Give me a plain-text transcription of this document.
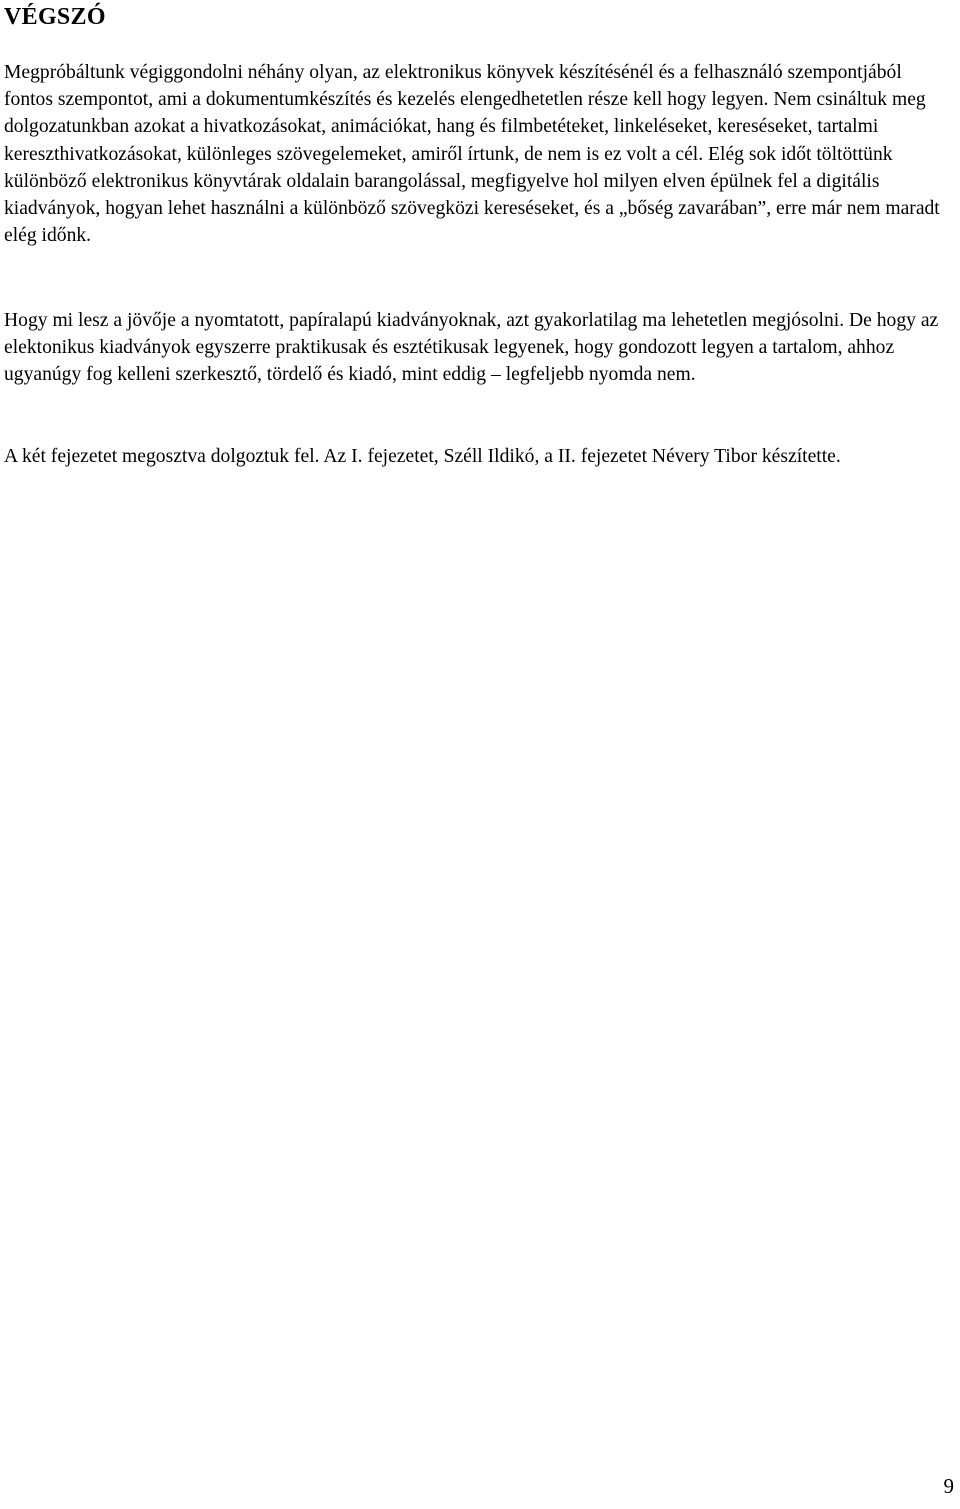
VÉGSZÓ

Megpróbáltunk végiggondolni néhány olyan, az elektronikus könyvek készítésénél és a felhasználó szempontjából fontos szempontot, ami a dokumentumkészítés és kezelés elengedhetetlen része kell hogy legyen. Nem csináltuk meg dolgozatunkban azokat a hivatkozásokat, animációkat, hang és filmbetéteket, linkeléseket, kereséseket, tartalmi kereszthivatkozásokat, különleges szövegelemeket, amiről írtunk, de nem is ez volt a cél. Elég sok időt töltöttünk különböző elektronikus könyvtárak oldalain barangolással, megfigyelve hol milyen elven épülnek fel a digitális kiadványok, hogyan lehet használni a különböző szövegközi kereséseket, és a „bőség zavarában”, erre már nem maradt elég időnk.

Hogy mi lesz a jövője a nyomtatott, papíralapú kiadványoknak, azt gyakorlatilag ma lehetetlen megjósolni. De hogy az elektonikus kiadványok egyszerre praktikusak és esztétikusak legyenek, hogy gondozott legyen a tartalom, ahhoz ugyanúgy fog kelleni szerkesztő, tördelő és kiadó, mint eddig – legfeljebb nyomda nem.

A két fejezetet megosztva dolgoztuk fel. Az I. fejezetet, Széll Ildikó, a II. fejezetet Névery Tibor készítette.

9
